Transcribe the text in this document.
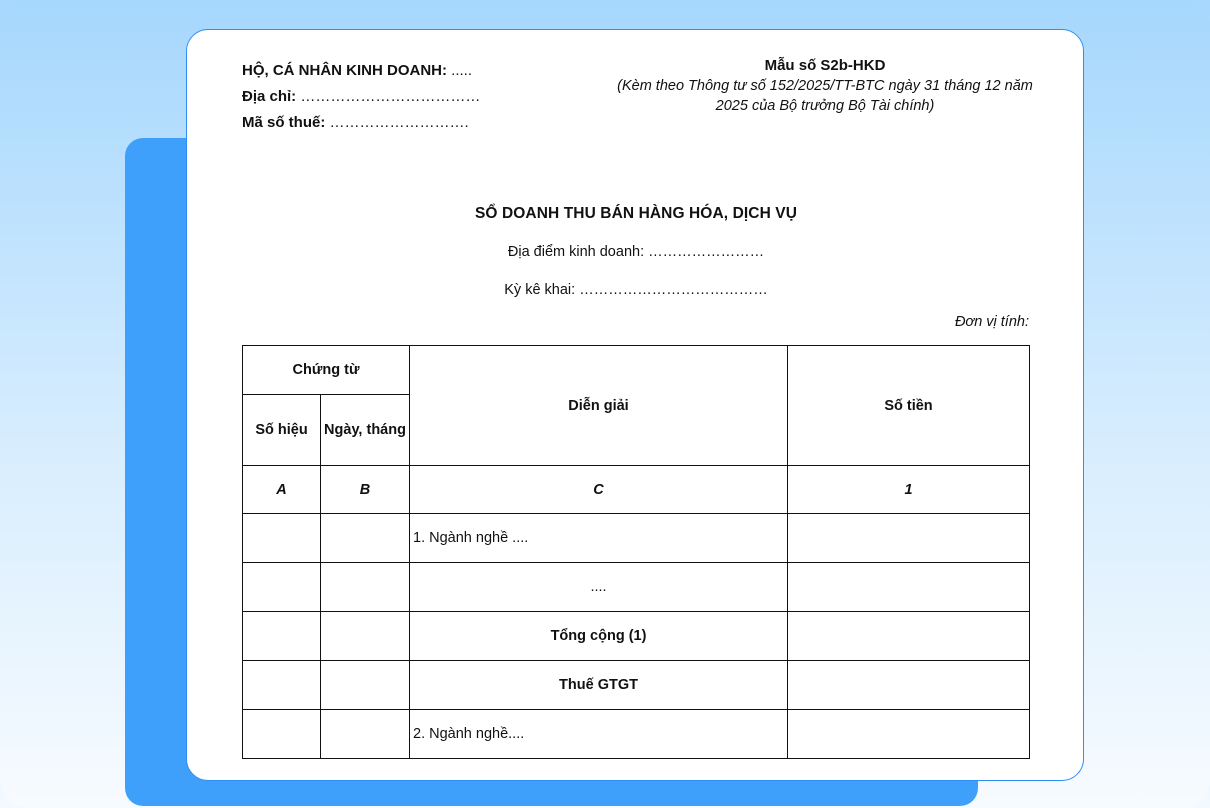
HỘ, CÁ NHÂN KINH DOANH: .....
Địa chỉ: ………………………………
Mã số thuế: ……………………….
Mẫu số S2b-HKD
(Kèm theo Thông tư số 152/2025/TT-BTC ngày 31 tháng 12 năm 2025 của Bộ trưởng Bộ Tài chính)
SỔ DOANH THU BÁN HÀNG HÓA, DỊCH VỤ
Địa điểm kinh doanh: ……………………
Kỳ kê khai: …………………………………
Đơn vị tính:
Chứng từ		Diễn giải	Số tiền
Số hiệu	Ngày, tháng		
A	B	C	1
		1. Ngành nghề ....	
		....	
		Tổng cộng (1)	
		Thuế GTGT	
		2. Ngành nghề....	
